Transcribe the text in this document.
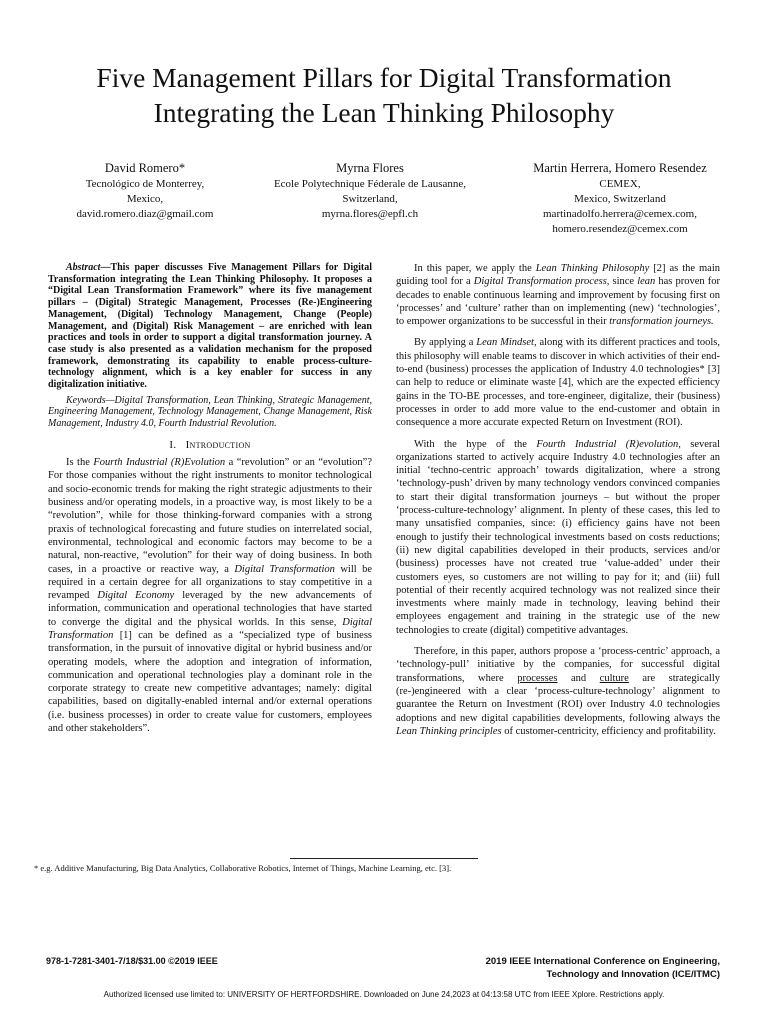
Five Management Pillars for Digital Transformation
Integrating the Lean Thinking Philosophy
David Romero*
Tecnológico de Monterrey,
Mexico,
david.romero.diaz@gmail.com
Myrna Flores
Ecole Polytechnique Féderale de Lausanne,
Switzerland,
myrna.flores@epfl.ch
Martin Herrera, Homero Resendez
CEMEX,
Mexico, Switzerland
martinadolfo.herrera@cemex.com,
homero.resendez@cemex.com

Abstract—This paper discusses Five Management Pillars for Digital Transformation integrating the Lean Thinking Philosophy. It proposes a “Digital Lean Transformation Framework” where its five management pillars – (Digital) Strategic Management, Processes (Re-)Engineering Management, (Digital) Technology Management, Change (People) Management, and (Digital) Risk Management – are enriched with lean practices and tools in order to support a digital transformation journey. A case study is also presented as a validation mechanism for the proposed framework, demonstrating its capability to enable process-culture-technology alignment, which is a key enabler for success in any digitalization initiative.

Keywords—Digital Transformation, Lean Thinking, Strategic Management, Engineering Management, Technology Management, Change Management, Risk Management, Industry 4.0, Fourth Industrial Revolution.

I. Introduction

Is the Fourth Industrial (R)Evolution a “revolution” or an “evolution”? For those companies without the right instruments to monitor technological and socio-economic trends for making the right strategic adjustments to their business and/or operating models, in a proactive way, is most likely to be a “revolution”, while for those thinking-forward companies with a strong praxis of technological forecasting and future studies on interrelated social, environmental, technological and economic factors may become to be a natural, non-reactive, “evolution” for their way of doing business. In both cases, in a proactive or reactive way, a Digital Transformation will be required in a certain degree for all organizations to stay competitive in a revamped Digital Economy leveraged by the new advancements of information, communication and operational technologies that have started to converge the digital and the physical worlds. In this sense, Digital Transformation [1] can be defined as a “specialized type of business transformation, in the pursuit of innovative digital or hybrid business and/or operating models, where the adoption and integration of information, communication and operational technologies play a dominant role in the corporate strategy to create new competitive advantages; namely: digital capabilities, based on digitally-enabled internal and/or external operations (i.e. business processes) in order to create value for customers, employees and other stakeholders”.

In this paper, we apply the Lean Thinking Philosophy [2] as the main guiding tool for a Digital Transformation process, since lean has proven for decades to enable continuous learning and improvement by focusing first on ‘processes’ and ‘culture’ rather than on implementing (new) ‘technologies’, to empower organizations to be successful in their transformation journeys.

By applying a Lean Mindset, along with its different practices and tools, this philosophy will enable teams to discover in which activities of their end-to-end (business) processes the application of Industry 4.0 technologies* [3] can help to reduce or eliminate waste [4], which are the expected efficiency gains in the TO-BE processes, and tore-engineer, digitalize, their (business) processes in order to add more value to the end-customer and obtain in consequence a more accurate expected Return on Investment (ROI).

With the hype of the Fourth Industrial (R)evolution, several organizations started to actively acquire Industry 4.0 technologies after an initial ‘techno-centric approach’ towards digitalization, where a strong ‘technology-push’ driven by many technology vendors convinced companies to start their digital transformation journeys – but without the proper ‘process-culture-technology’ alignment. In plenty of these cases, this led to many unsatisfied companies, since: (i) efficiency gains have not been enough to justify their technological investments based on costs reductions; (ii) new digital capabilities developed in their products, services and/or (business) processes have not created true ‘value-added’ under their customers eyes, so customers are not willing to pay for it; and (iii) full potential of their recently acquired technology was not realized since their investments where mainly made in technology, leaving behind their employees engagement and training in the strategic use of the new technologies to create (digital) competitive advantages.

Therefore, in this paper, authors propose a ‘process-centric’ approach, a ‘technology-pull’ initiative by the companies, for successful digital transformations, where processes and culture are strategically (re-)engineered with a clear ‘process-culture-technology’ alignment to guarantee the Return on Investment (ROI) over Industry 4.0 technologies adoptions and new digital capabilities developments, following always the Lean Thinking principles of customer-centricity, efficiency and profitability.

* e.g. Additive Manufacturing, Big Data Analytics, Collaborative Robotics, Internet of Things, Machine Learning, etc. [3].
978-1-7281-3401-7/18/$31.00 ©2019 IEEE	2019 IEEE International Conference on Engineering,
Technology and Innovation (ICE/ITMC)
Authorized licensed use limited to: UNIVERSITY OF HERTFORDSHIRE. Downloaded on June 24,2023 at 04:13:58 UTC from IEEE Xplore. Restrictions apply.
